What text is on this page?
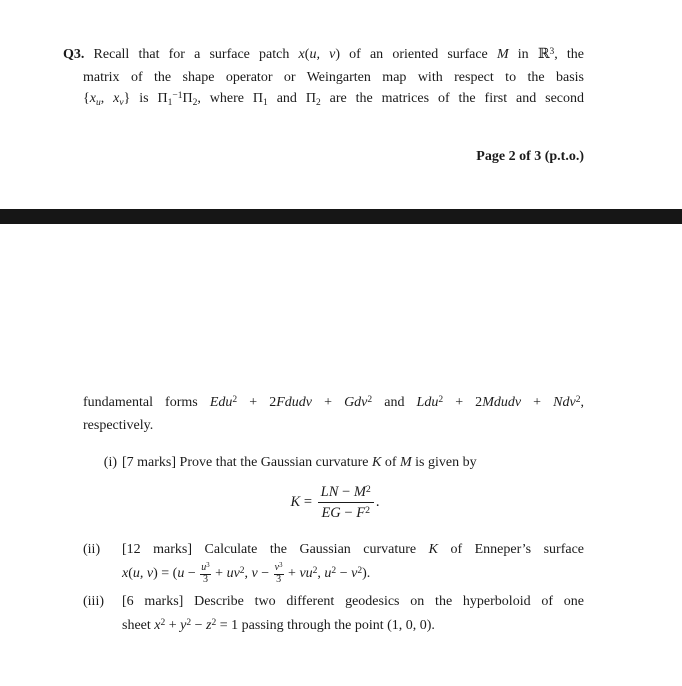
Q3. Recall that for a surface patch x(u, v) of an oriented surface M in ℝ$^3$, the
matrix of the shape operator or Weingarten map with respect to the basis
{xu, xv} is $\Pi 1^{-1}\Pi 2$, where Π1 and Π2 are the matrices of the first and second
Page 2 of 3 (p.t.o.)
fundamental forms Edu$^2$ + 2Fdudv + Gdv$^2$ and Ldu$^2$ + 2Mdudv + Ndv$^2$,
respectively.
(i) [7 marks] Prove that the Gaussian curvature K of M is given by
$K = \frac{LN - M^2}{EG - F^2}$ .
(ii) [12 marks] Calculate the Gaussian curvature K of Enneper’s surface
x(u, $v) = (u - \frac{u^3}{3} + uv^2$, $v - \frac{v^3}{3} + vu^2$, $u^2 - v^2$).
(iii) [6 marks] Describe two different geodesics on the hyperboloid of one
sheet $x^2 + y^2 - z^2 = 1$ passing through the point (1, 0, 0).
